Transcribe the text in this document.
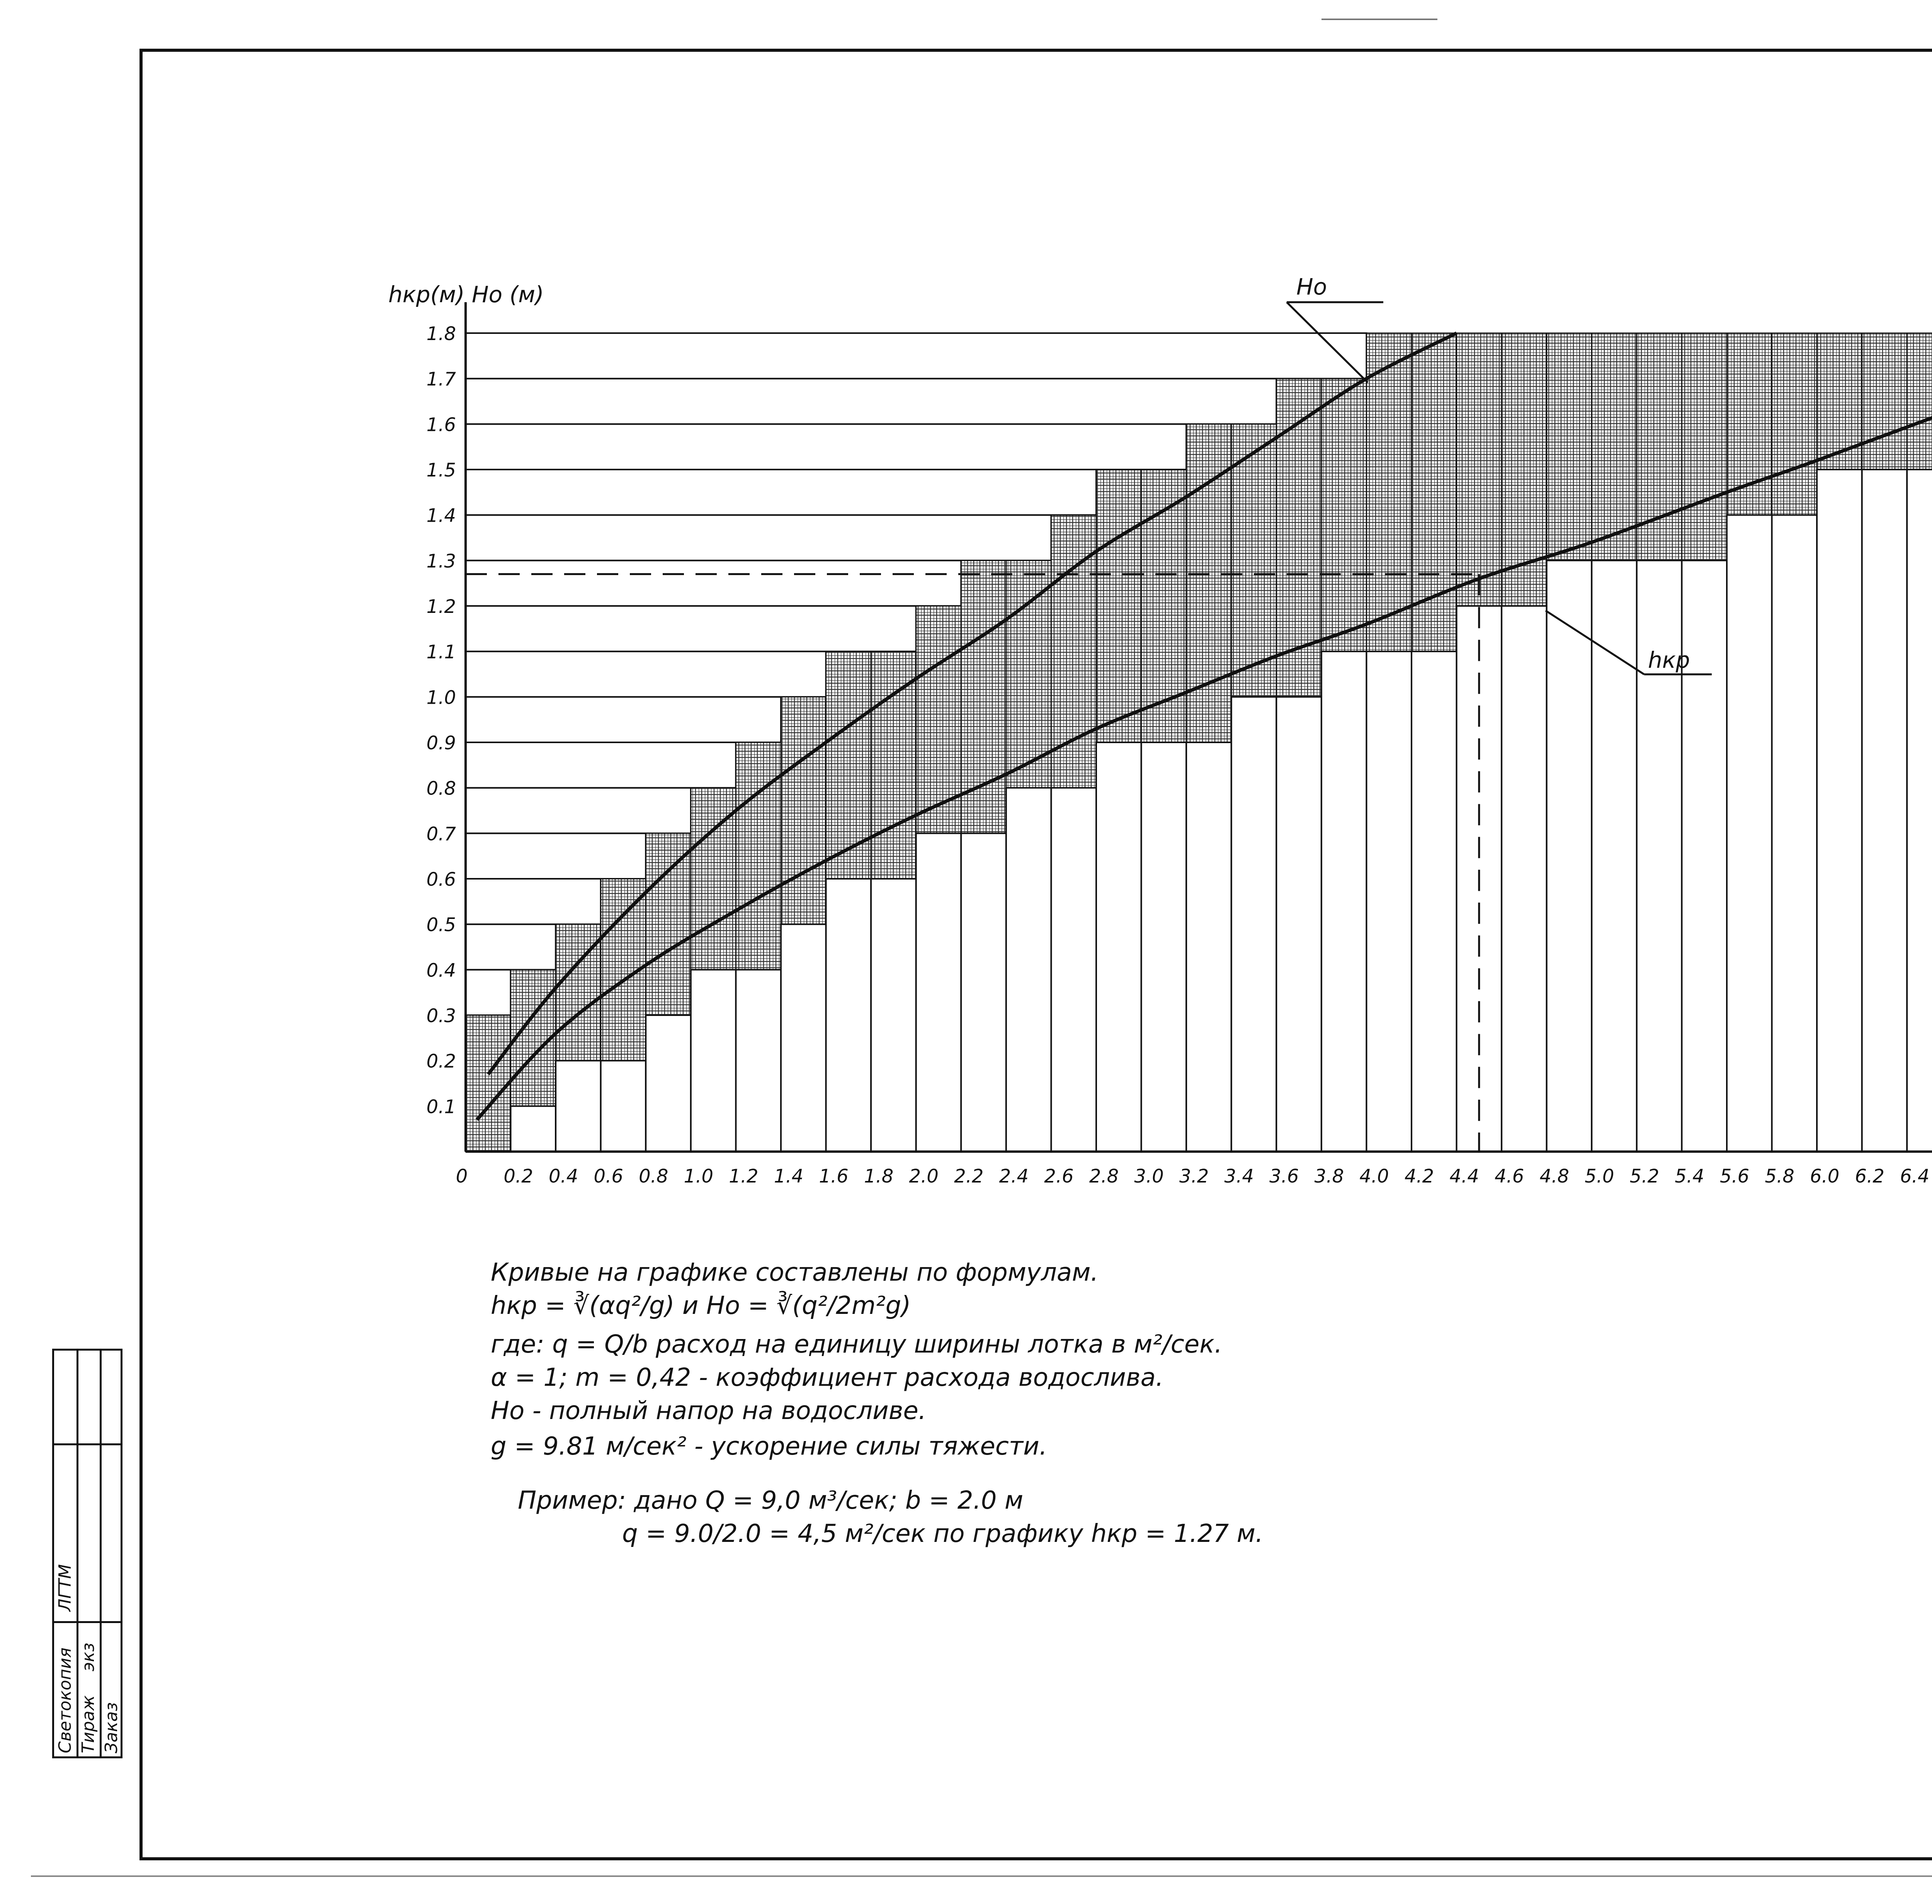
0 0.2 0.4 0.6 0.8 1.0 1.2 1.4 1.6 1.8 2.0 2.2 2.4 2.6 2.8 3.0 3.2 3.4 3.6 3.8 4.0 4.2 4.4 4.6 4.8 5.0 5.2 5.4 5.6 5.8 6.0 6.2 6.4
0.1
0.2
0.3
0.4
0.5
0.6
0.7
0.8
0.9
1.0
1.1
1.2
1.3
1.4
1.5
1.6
1.7
1.8
hкр(м) Ho (м)	Ho
hкр
Кривые на графике составлены по формулам.
hкр = ∛(αq²/g) и Ho = ∛(q²/2m²g)
где: q = Q/b расход на единицу ширины лотка в м²/сек.
α = 1; m = 0,42 - коэффициент расхода водослива.
Ho - полный напор на водосливе.
g = 9.81 м/сек² - ускорение силы тяжести.
Пример: дано Q = 9,0 м³/сек; b = 2.0 м
q = 9.0/2.0 = 4,5 м²/сек по графику hкр = 1.27 м.
Светокопия Тираж
экз
Заказ
ЛГТМ
